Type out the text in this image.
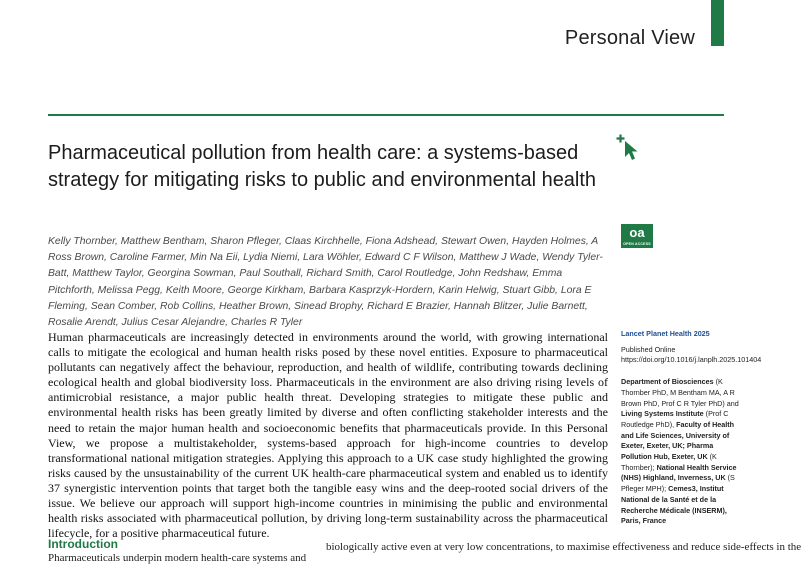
Personal View
Pharmaceutical pollution from health care: a systems-based strategy for mitigating risks to public and environmental health
oa
OPEN ACCESS

Kelly Thornber, Matthew Bentham, Sharon Pfleger, Claas Kirchhelle, Fiona Adshead, Stewart Owen, Hayden Holmes, A Ross Brown, Caroline Farmer, Min Na Eii, Lydia Niemi, Lara Wöhler, Edward C F Wilson, Matthew J Wade, Wendy Tyler-Batt, Matthew Taylor, Georgina Sowman, Paul Southall, Richard Smith, Carol Routledge, John Redshaw, Emma Pitchforth, Melissa Pegg, Keith Moore, George Kirkham, Barbara Kasprzyk-Hordern, Karin Helwig, Stuart Gibb, Lora E Fleming, Sean Comber, Rob Collins, Heather Brown, Sinead Brophy, Richard E Brazier, Hannah Blitzer, Julie Barnett, Rosalie Arendt, Julius Cesar Alejandre, Charles R Tyler

Human pharmaceuticals are increasingly detected in environments around the world, with growing international calls to mitigate the ecological and human health risks posed by these novel entities. Exposure to pharmaceutical pollutants can negatively affect the behaviour, reproduction, and health of wildlife, contributing towards declining ecological health and global biodiversity loss. Pharmaceuticals in the environment are also driving rising levels of antimicrobial resistance, a major public health threat. Developing strategies to mitigate these public and environmental health risks has been greatly limited by diverse and often conflicting stakeholder interests and the need to retain the major human health and socioeconomic benefits that pharmaceuticals provide. In this Personal View, we propose a multistakeholder, systems-based approach for high-income countries to develop transformational national mitigation strategies. Applying this approach to a UK case study highlighted the growing risks caused by the unsustainability of the current UK health-care pharmaceutical system and enabled us to identify 37 synergistic intervention points that target both the tangible easy wins and the deep-rooted social drivers of the issue. We believe our approach will support high-income countries in minimising the public and environmental health risks associated with pharmaceutical pollution, by driving long-term sustainability across the pharmaceutical lifecycle, for a positive pharmaceutical future.

Lancet Planet Health 2025

Published Online

https://doi.org/10.1016/j.lanplh.2025.101404

Department of Biosciences (K Thornber PhD, M Bentham MA, A R Brown PhD, Prof C R Tyler PhD) and Living Systems Institute (Prof C Routledge PhD), Faculty of Health and Life Sciences, University of Exeter, Exeter, UK; Pharma Pollution Hub, Exeter, UK (K Thornber); National Health Service (NHS) Highland, Inverness, UK (S Pfleger MPH); Cemes3, Institut National de la Santé et de la Recherche Médicale (INSERM), Paris, France

Introduction

Pharmaceuticals underpin modern health-care systems and

biologically active even at very low concentrations, to maximise effectiveness and reduce side-effects in the
